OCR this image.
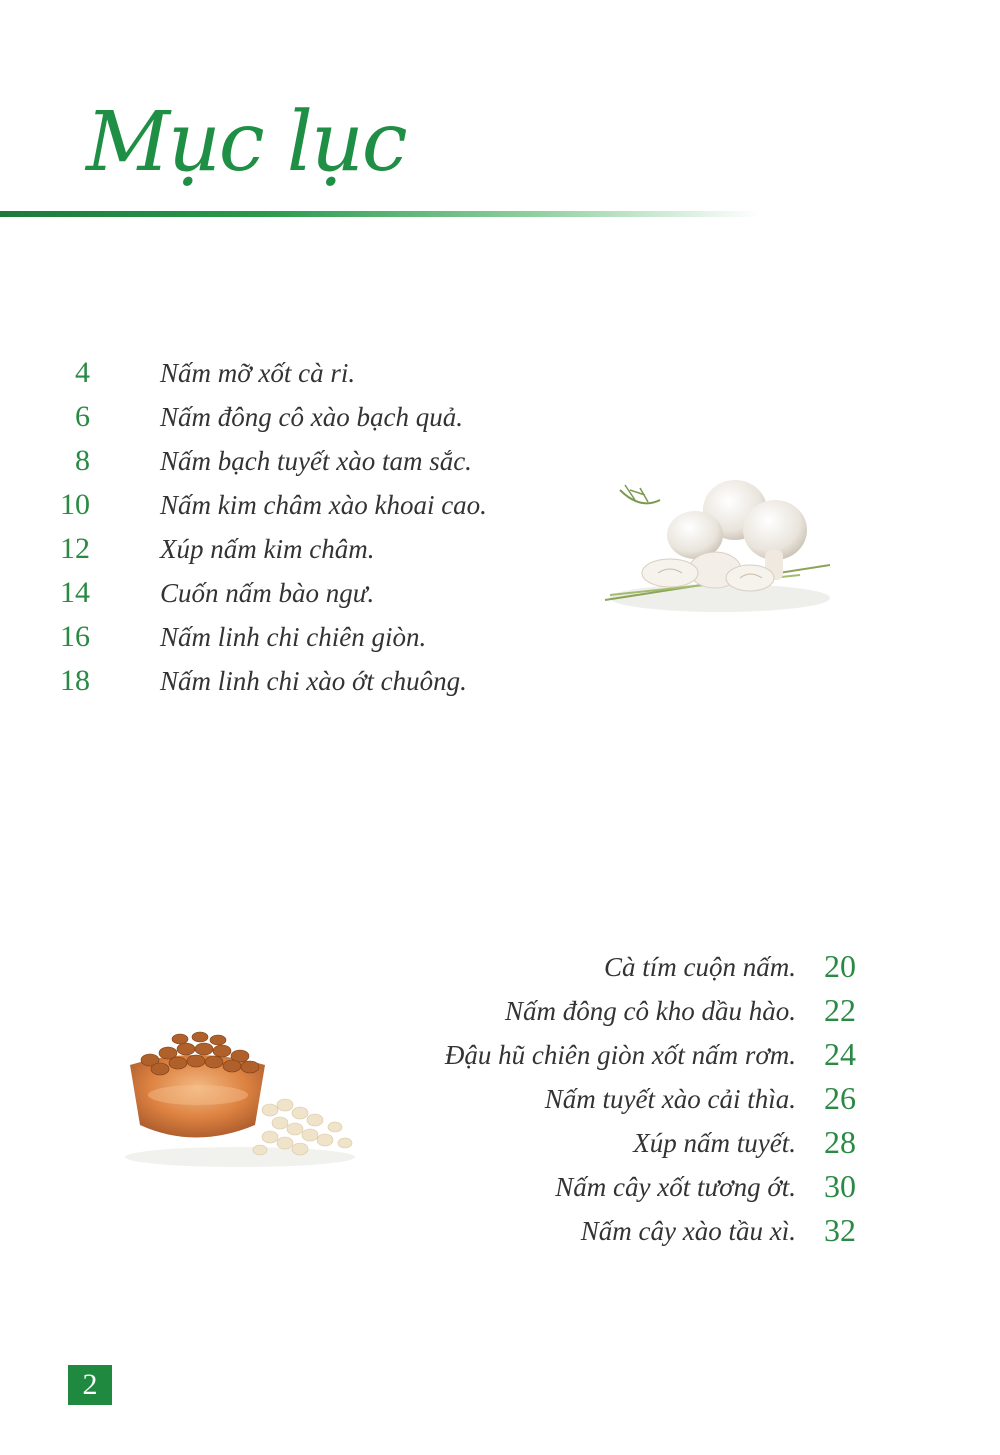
Mục lục
4	Nấm mỡ xốt cà ri.
6	Nấm đông cô xào bạch quả.
8	Nấm bạch tuyết xào tam sắc.
10	Nấm kim châm xào khoai cao.
12	Xúp nấm kim châm.
14	Cuốn nấm bào ngư.
16	Nấm linh chi chiên giòn.
18	Nấm linh chi xào ớt chuông.
Cà tím cuộn nấm. 20
Nấm đông cô kho dầu hào. 22
Đậu hũ chiên giòn xốt nấm rơm. 24
Nấm tuyết xào cải thìa. 26
Xúp nấm tuyết. 28
Nấm cây xốt tương ớt. 30
Nấm cây xào tầu xì. 32
2
